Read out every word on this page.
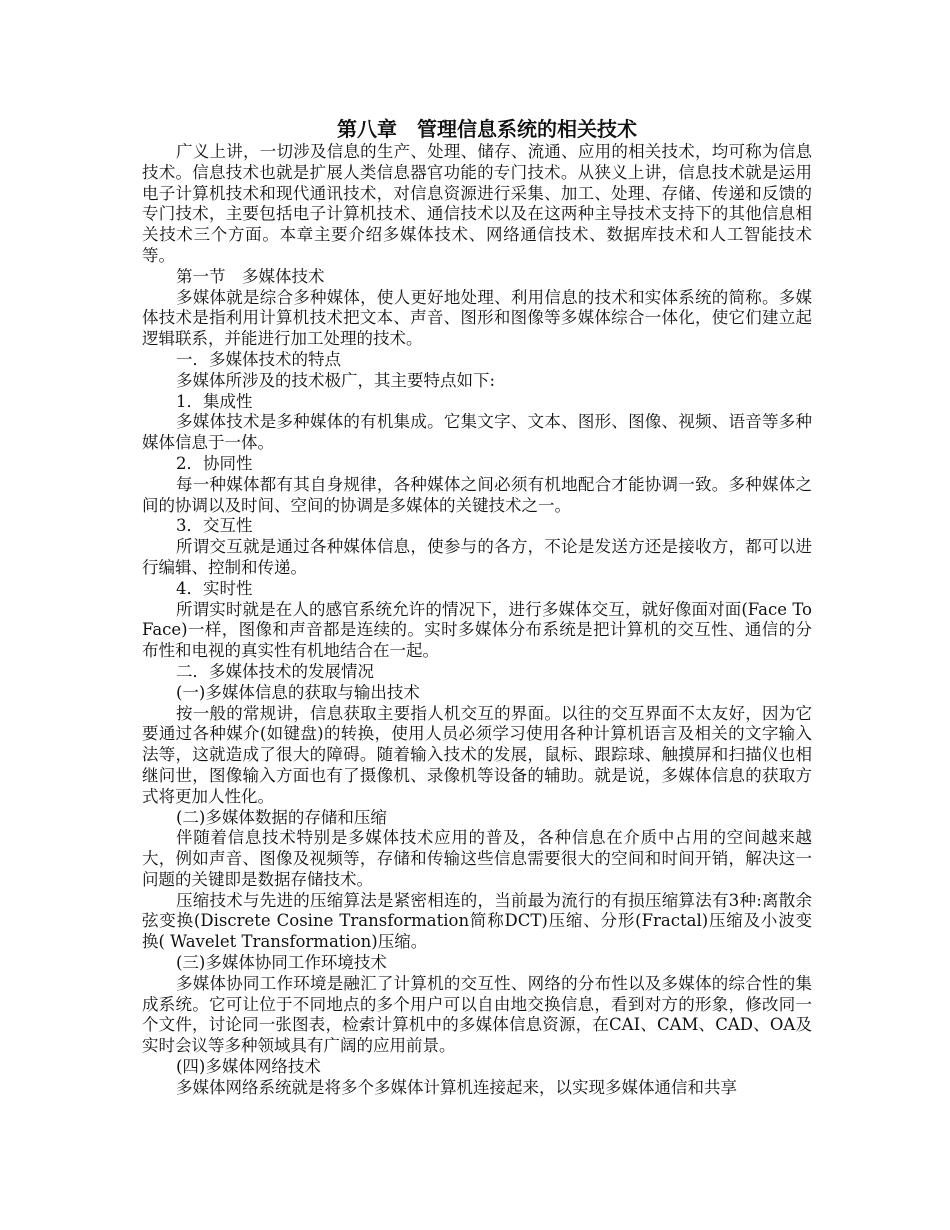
第八章　管理信息系统的相关技术
广义上讲，一切涉及信息的生产、处理、储存、流通、应用的相关技术，均可称为信息技术。信息技术也就是扩展人类信息器官功能的专门技术。从狭义上讲，信息技术就是运用电子计算机技术和现代通讯技术，对信息资源进行采集、加工、处理、存储、传递和反馈的专门技术，主要包括电子计算机技术、通信技术以及在这两种主导技术支持下的其他信息相关技术三个方面。本章主要介绍多媒体技术、网络通信技术、数据库技术和人工智能技术等。
第一节　多媒体技术
多媒体就是综合多种媒体，使人更好地处理、利用信息的技术和实体系统的简称。多媒体技术是指利用计算机技术把文本、声音、图形和图像等多媒体综合一体化，使它们建立起逻辑联系，并能进行加工处理的技术。
一．多媒体技术的特点
多媒体所涉及的技术极广，其主要特点如下:
1．集成性
多媒体技术是多种媒体的有机集成。它集文字、文本、图形、图像、视频、语音等多种媒体信息于一体。
2．协同性
每一种媒体都有其自身规律，各种媒体之间必须有机地配合才能协调一致。多种媒体之间的协调以及时间、空间的协调是多媒体的关键技术之一。
3．交互性
所谓交互就是通过各种媒体信息，使参与的各方，不论是发送方还是接收方，都可以进行编辑、控制和传递。
4．实时性
所谓实时就是在人的感官系统允许的情况下，进行多媒体交互，就好像面对面(Face To Face)一样，图像和声音都是连续的。实时多媒体分布系统是把计算机的交互性、通信的分布性和电视的真实性有机地结合在一起。
二．多媒体技术的发展情况
(一)多媒体信息的获取与输出技术
按一般的常规讲，信息获取主要指人机交互的界面。以往的交互界面不太友好，因为它要通过各种媒介(如键盘)的转换，使用人员必须学习使用各种计算机语言及相关的文字输入法等，这就造成了很大的障碍。随着输入技术的发展，鼠标、跟踪球、触摸屏和扫描仪也相继问世，图像输入方面也有了摄像机、录像机等设备的辅助。就是说，多媒体信息的获取方式将更加人性化。
(二)多媒体数据的存储和压缩
伴随着信息技术特别是多媒体技术应用的普及，各种信息在介质中占用的空间越来越大，例如声音、图像及视频等，存储和传输这些信息需要很大的空间和时间开销，解决这一问题的关键即是数据存储技术。
压缩技术与先进的压缩算法是紧密相连的，当前最为流行的有损压缩算法有3种:离散余弦变换(Discrete Cosine Transformation简称DCT)压缩、分形(Fractal)压缩及小波变换( Wavelet Transformation)压缩。
(三)多媒体协同工作环境技术
多媒体协同工作环境是融汇了计算机的交互性、网络的分布性以及多媒体的综合性的集成系统。它可让位于不同地点的多个用户可以自由地交换信息，看到对方的形象，修改同一个文件，讨论同一张图表，检索计算机中的多媒体信息资源，在CAI、CAM、CAD、OA及实时会议等多种领域具有广阔的应用前景。
(四)多媒体网络技术
多媒体网络系统就是将多个多媒体计算机连接起来，以实现多媒体通信和共享
